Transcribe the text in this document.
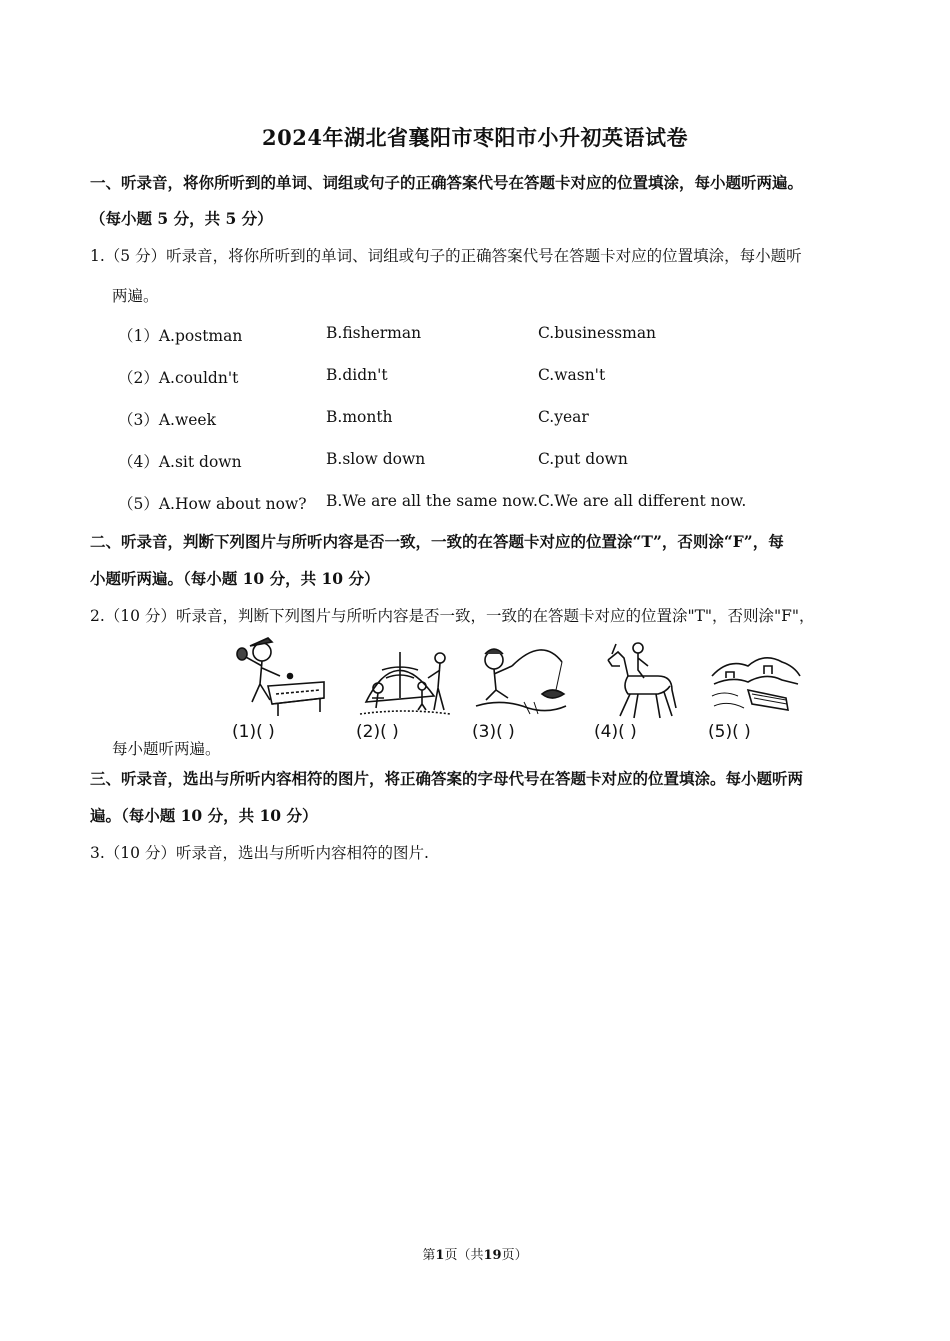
2024年湖北省襄阳市枣阳市小升初英语试卷
一、听录音，将你所听到的单词、词组或句子的正确答案代号在答题卡对应的位置填涂，每小题听两遍。
（每小题 5 分，共 5 分）
1.（5 分）听录音，将你所听到的单词、词组或句子的正确答案代号在答题卡对应的位置填涂，每小题听
两遍。
（1）A.postman	B.fisherman	C.businessman
（2）A.couldn't	B.didn't	C.wasn't
（3）A.week	B.month	C.year
（4）A.sit down	B.slow down	C.put down
（5）A.How about now? B.We are all the same now. C.We are all different now.
二、听录音，判断下列图片与所听内容是否一致，一致的在答题卡对应的位置涂“T”，否则涂“F”，每
小题听两遍。（每小题 10 分，共 10 分）
2.（10 分）听录音，判断下列图片与所听内容是否一致，一致的在答题卡对应的位置涂"T"，否则涂"F"，
每小题听两遍。
(1)( )	(2)( )	(3)( )	(4)( )	(5)( )
三、听录音，选出与所听内容相符的图片，将正确答案的字母代号在答题卡对应的位置填涂。每小题听两
遍。（每小题 10 分，共 10 分）
3.（10 分）听录音，选出与所听内容相符的图片.
第1页（共19页）
